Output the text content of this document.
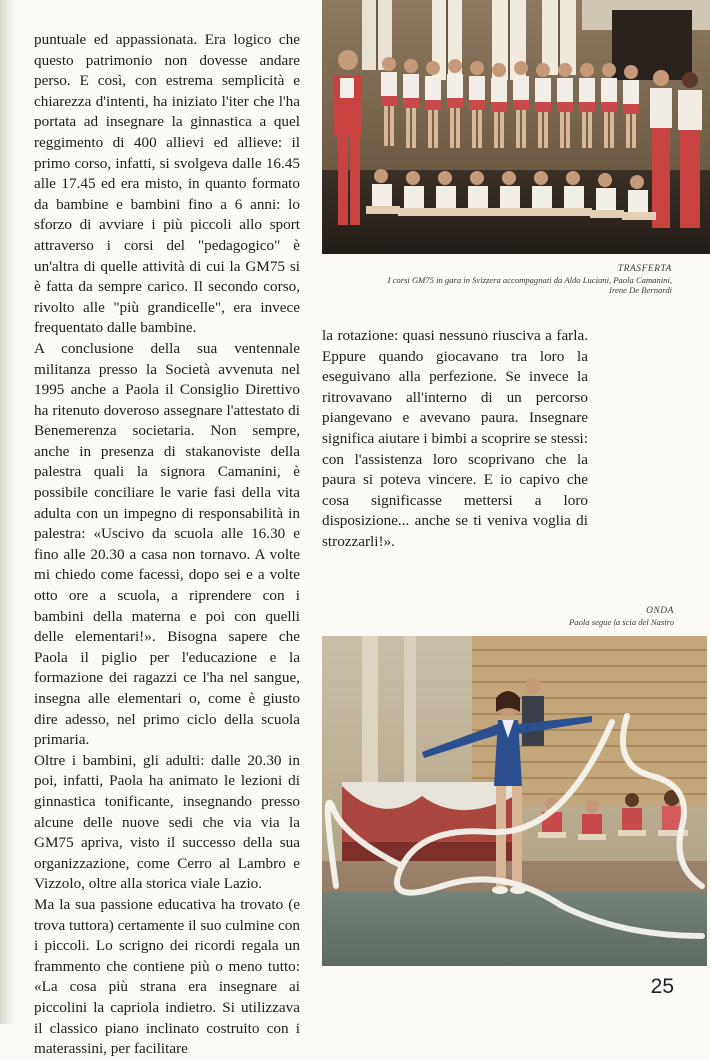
puntuale ed appassionata. Era logico che questo patrimonio non dovesse andare perso. E così, con estrema semplicità e chiarezza d'intenti, ha iniziato l'iter che l'ha portata ad insegnare la ginnastica a quel reggimento di 400 allievi ed allieve: il primo corso, infatti, si svolgeva dalle 16.45 alle 17.45 ed era misto, in quanto formato da bambine e bambini fino a 6 anni: lo sforzo di avviare i più piccoli allo sport attraverso i corsi del "pedagogico" è un'altra di quelle attività di cui la GM75 si è fatta da sempre carico. Il secondo corso, rivolto alle "più grandicelle", era invece frequentato dalle bambine.

A conclusione della sua ventennale militanza presso la Società avvenuta nel 1995 anche a Paola il Consiglio Direttivo ha ritenuto doveroso assegnare l'attestato di Benemerenza societaria. Non sempre, anche in presenza di stakanoviste della palestra quali la signora Camanini, è possibile conciliare le varie fasi della vita adulta con un impegno di responsabilità in palestra: «Uscivo da scuola alle 16.30 e fino alle 20.30 a casa non tornavo. A volte mi chiedo come facessi, dopo sei e a volte otto ore a scuola, a riprendere con i bambini della materna e poi con quelli delle elementari!». Bisogna sapere che Paola il piglio per l'educazione e la formazione dei ragazzi ce l'ha nel sangue, insegna alle elementari o, come è giusto dire adesso, nel primo ciclo della scuola primaria.

Oltre i bambini, gli adulti: dalle 20.30 in poi, infatti, Paola ha animato le lezioni di ginnastica tonificante, insegnando presso alcune delle nuove sedi che via via la GM75 apriva, visto il successo della sua organizzazione, come Cerro al Lambro e Vizzolo, oltre alla storica viale Lazio.

Ma la sua passione educativa ha trovato (e trova tuttora) certamente il suo culmine con i piccoli. Lo scrigno dei ricordi regala un frammento che contiene più o meno tutto: «La cosa più strana era insegnare ai piccolini la capriola indietro. Si utilizzava il classico piano inclinato costruito con i materassini, per facilitare

TRASFERTA
I corsi GM75 in gara in Svizzera accompagnati da Aldo Luciani, Paola Camanini, Irene De Bernardi

la rotazione: quasi nessuno riusciva a farla. Eppure quando giocavano tra loro la eseguivano alla perfezione. Se invece la ritrovavano all'interno di un percorso piangevano e avevano paura. Insegnare significa aiutare i bimbi a scoprire se stessi: con l'assistenza loro scoprivano che la paura si poteva vincere. E io capivo che cosa significasse mettersi a loro disposizione... anche se ti veniva voglia di strozzarli!».

ONDA
Paola segue la scia del Nastro
25
